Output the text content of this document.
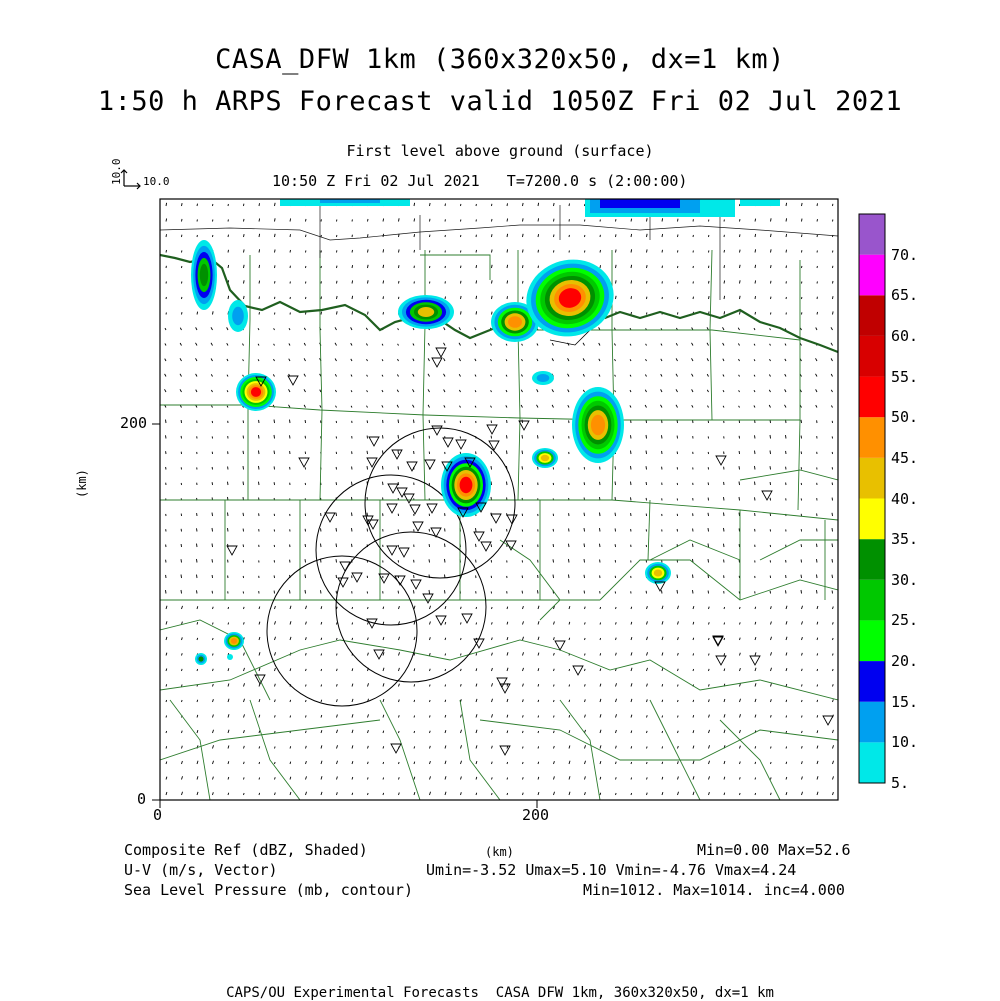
CASA_DFW 1km (360x320x50, dx=1 km)
1:50 h ARPS Forecast valid 1050Z Fri 02 Jul 2021
First level above ground (surface)
10:50 Z Fri 02 Jul 2021   T=7200.0 s (2:00:00)
10.0 10.0
0	200
0
200
(km)
(km)
5.
10.
15.
20.
25.
30.
35.
40.
45.
50.
55.
60.
65.
70.
Composite Ref (dBZ, Shaded)	Min=0.00 Max=52.6
U-V (m/s, Vector)	Umin=-3.52 Umax=5.10 Vmin=-4.76 Vmax=4.24
Sea Level Pressure (mb, contour)	Min=1012. Max=1014. inc=4.000
CAPS/OU Experimental Forecasts  CASA DFW 1km, 360x320x50, dx=1 km
